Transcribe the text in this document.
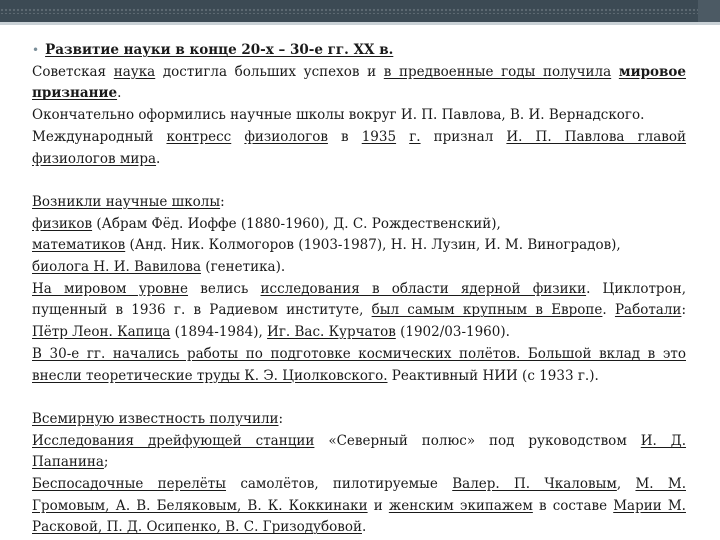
• Развитие науки в конце 20-х – 30-е гг. XX в.

Советская наука достигла больших успехов и в предвоенные годы получила мировое

признание.

Окончательно оформились научные школы вокруг И. П. Павлова, В. И. Вернадского.

Международный контресс физиологов в 1935 г. признал И. П. Павлова главой

физиологов мира.

Возникли научные школы:

физиков (Абрам Фёд. Иоффе (1880-1960), Д. С. Рождественский),

математиков (Анд. Ник. Колмогоров (1903-1987), Н. Н. Лузин, И. М. Виноградов),

биолога Н. И. Вавилова (генетика).

На мировом уровне велись исследования в области ядерной физики. Циклотрон,

пущенный в 1936 г. в Радиевом институте, был самым крупным в Европе. Работали:

Пётр Леон. Капица (1894-1984), Иг. Вас. Курчатов (1902/03-1960).

В 30-е гг. начались работы по подготовке космических полётов. Большой вклад в это

внесли теоретические труды К. Э. Циолковского. Реактивный НИИ (с 1933 г.).

Всемирную известность получили:

Исследования дрейфующей станции «Северный полюс» под руководством И. Д.

Папанина;

Беспосадочные перелёты самолётов, пилотируемые Валер. П. Чкаловым, М. М.

Громовым, А. В. Беляковым, В. К. Коккинаки и женским экипажем в составе Марии М.

Расковой, П. Д. Осипенко, В. С. Гризодубовой.
